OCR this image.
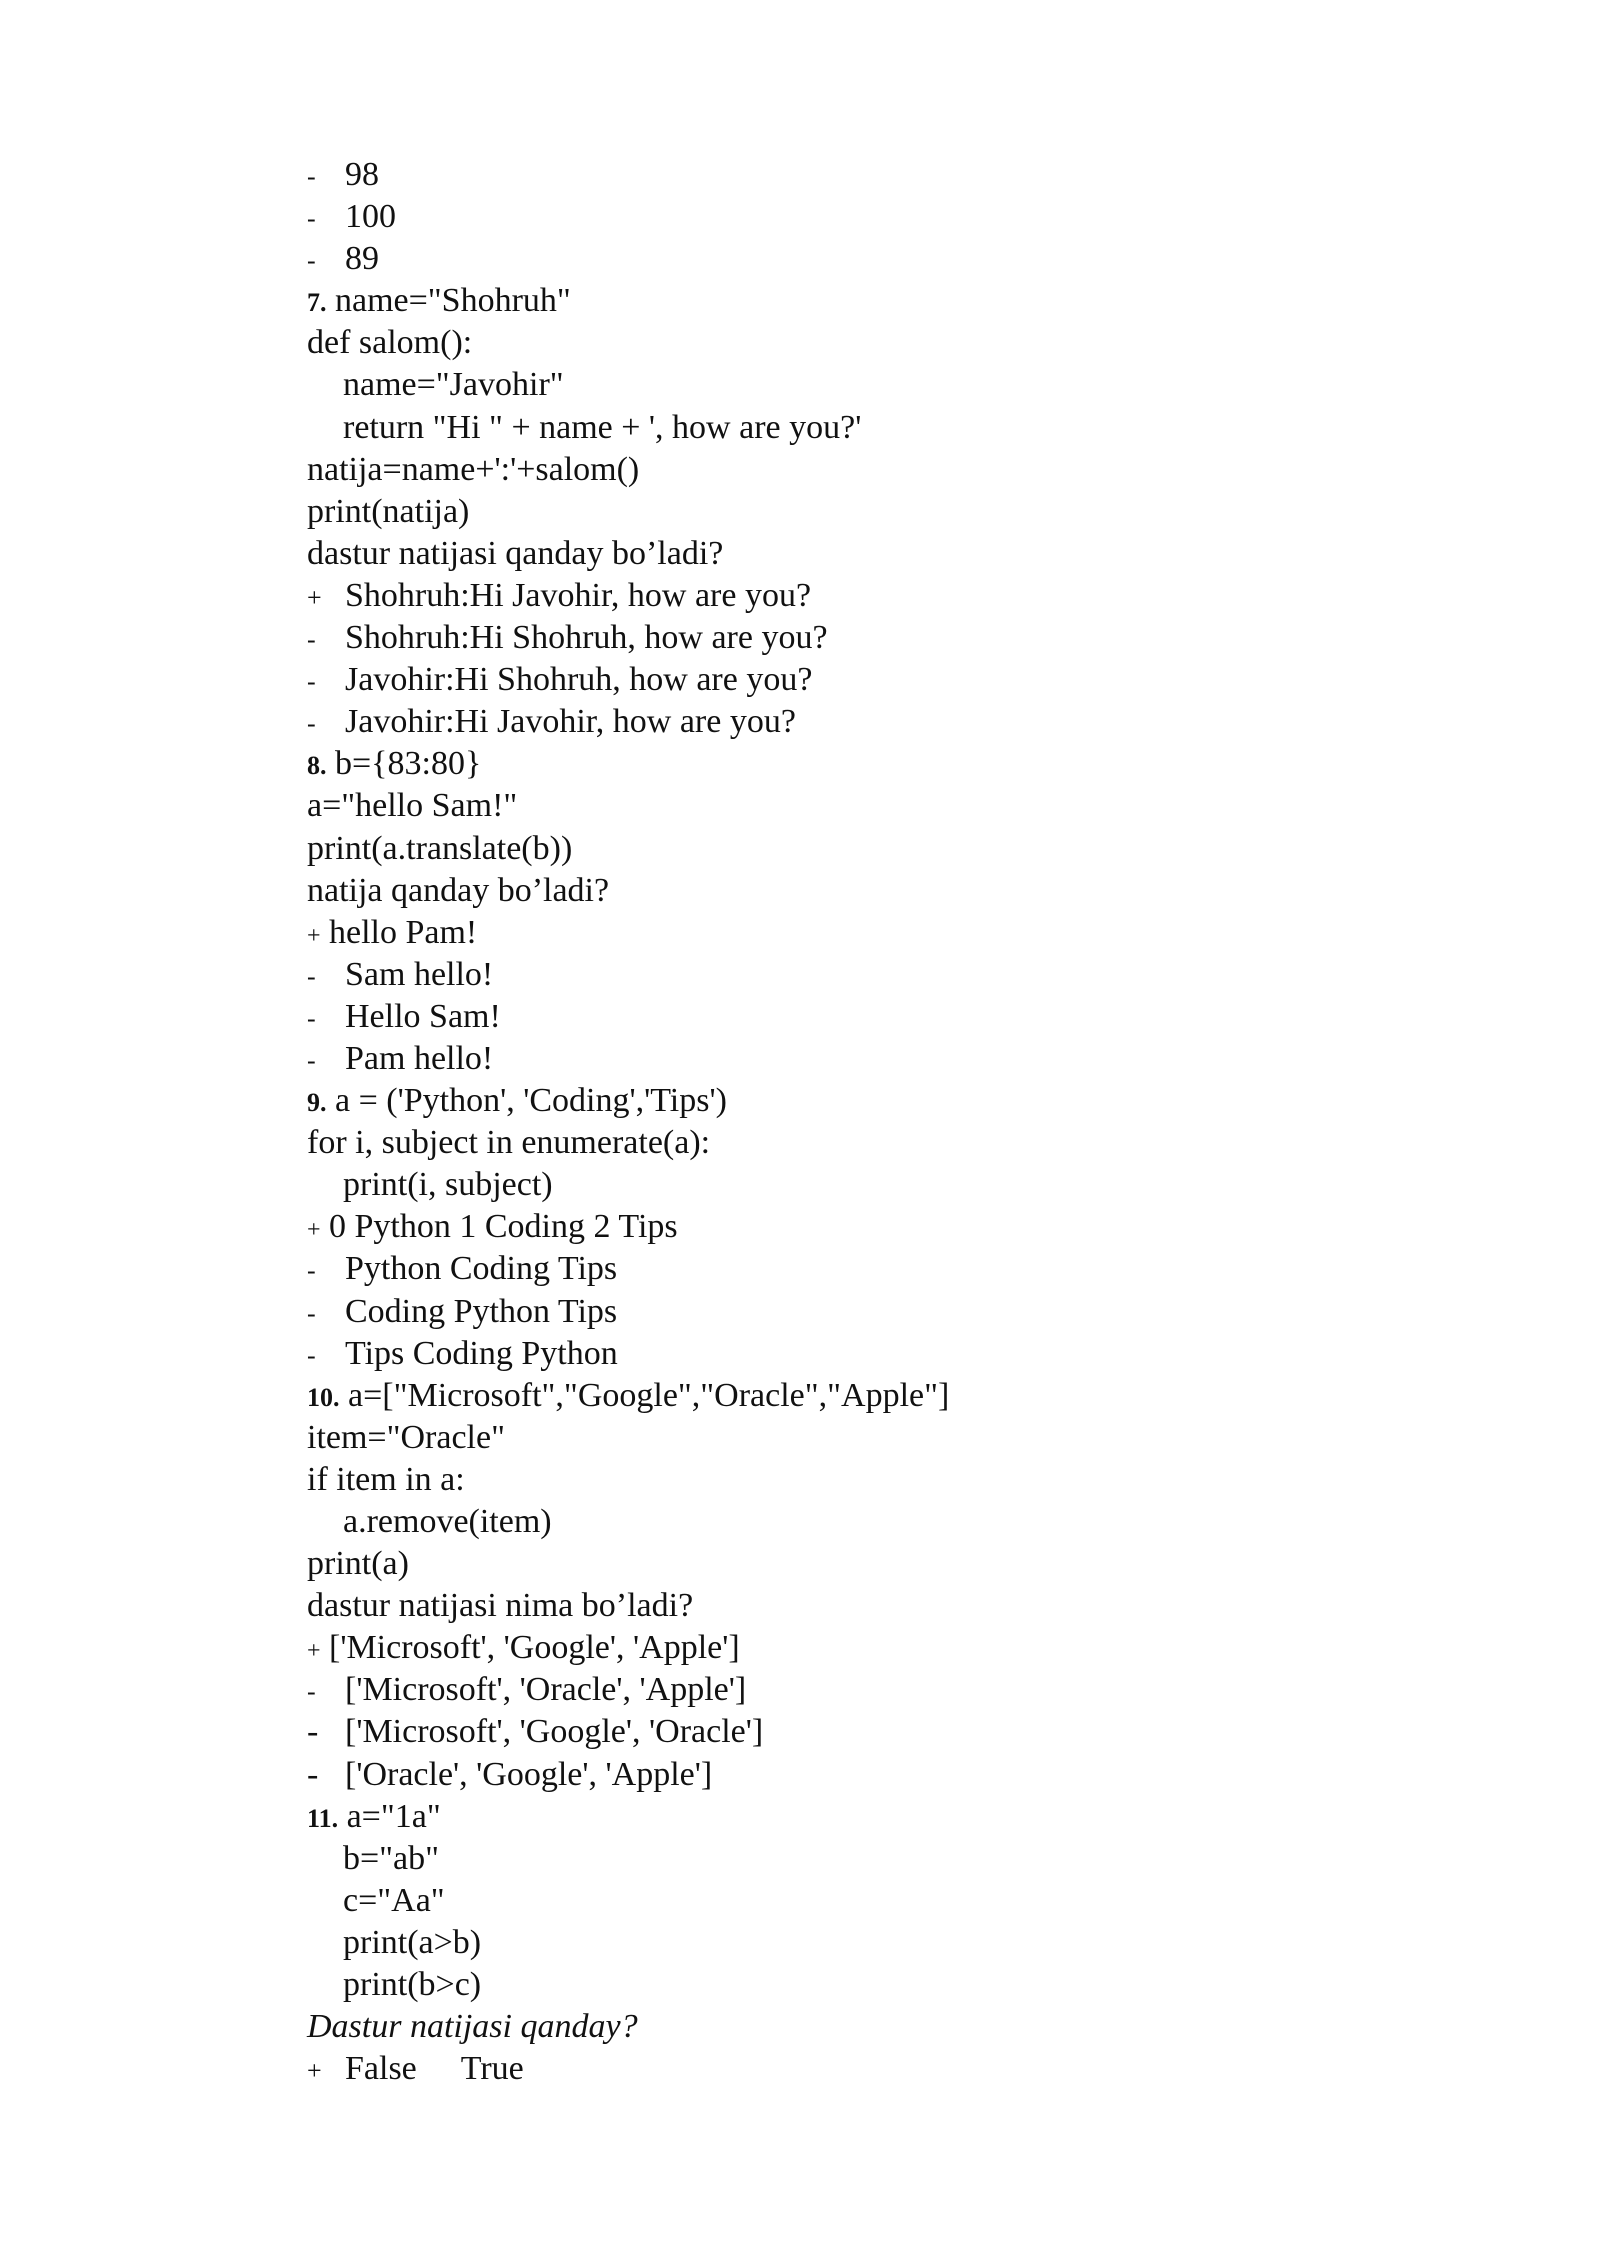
- 98
- 100
- 89
7. name="Shohruh"
def salom():
name="Javohir"
return "Hi " + name + ', how are you?'
natija=name+':'+salom()
print(natija)
dastur natijasi qanday bo’ladi?
+ Shohruh:Hi Javohir, how are you?
- Shohruh:Hi Shohruh, how are you?
- Javohir:Hi Shohruh, how are you?
- Javohir:Hi Javohir, how are you?
8. b={83:80}
a="hello Sam!"
print(a.translate(b))
natija qanday bo’ladi?
+ hello Pam!
- Sam hello!
- Hello Sam!
- Pam hello!
9. a = ('Python', 'Coding','Tips')
for i, subject in enumerate(a):
print(i, subject)
+ 0 Python 1 Coding 2 Tips
- Python Coding Tips
- Coding Python Tips
- Tips Coding Python
10. a=["Microsoft","Google","Oracle","Apple"]
item="Oracle"
if item in a:
a.remove(item)
print(a)
dastur natijasi nima bo’ladi?
+ ['Microsoft', 'Google', 'Apple']
- ['Microsoft', 'Oracle', 'Apple']
- ['Microsoft', 'Google', 'Oracle']
- ['Oracle', 'Google', 'Apple']
11. a="1a"
b="ab"
c="Aa"
print(a>b)
print(b>c)
Dastur natijasi qanday?
+ False True
